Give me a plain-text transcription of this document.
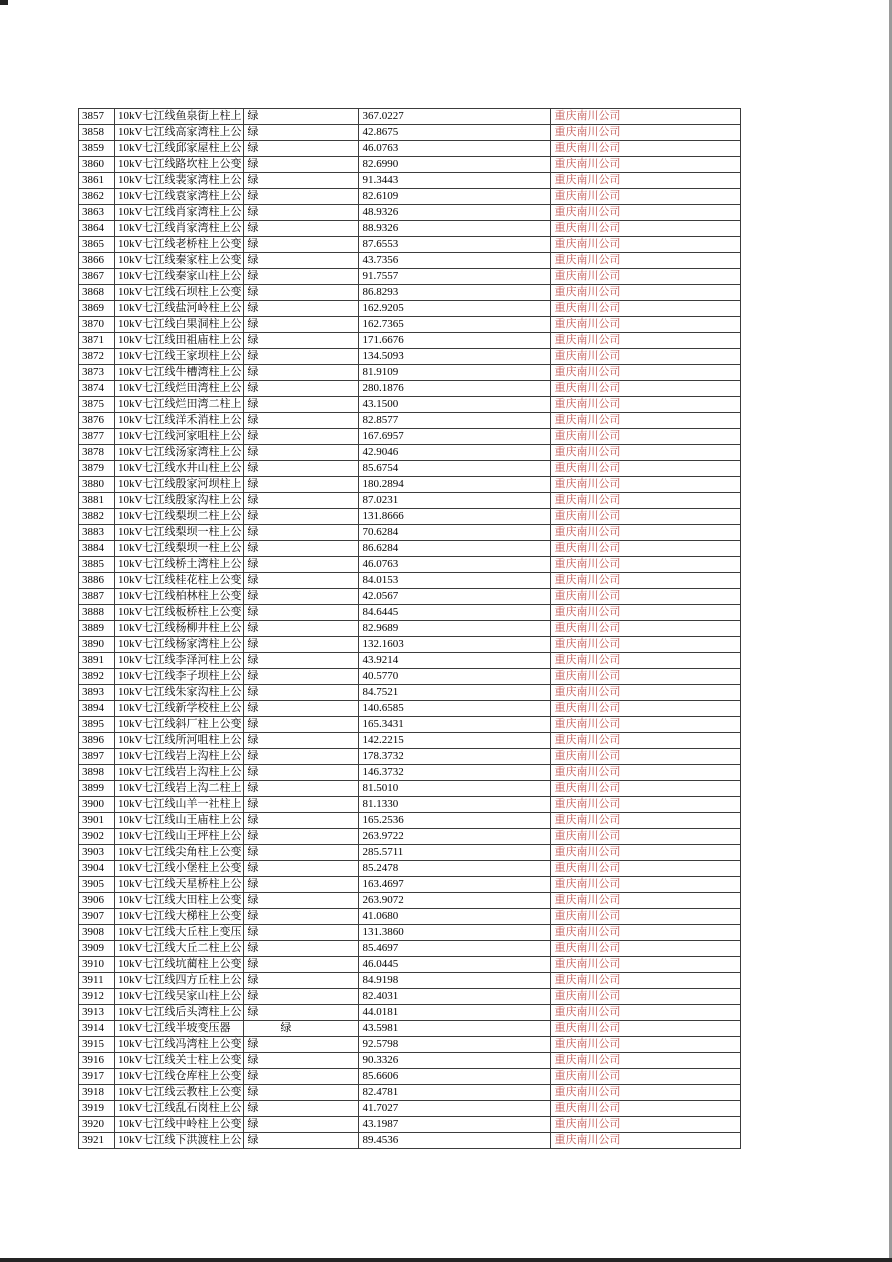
3857	10kV七江线鱼泉街上柱上	绿	367.0227	重庆南川公司
3858	10kV七江线高家湾柱上公	绿	42.8675	重庆南川公司
3859	10kV七江线邱家屋柱上公	绿	46.0763	重庆南川公司
3860	10kV七江线路坎柱上公变	绿	82.6990	重庆南川公司
3861	10kV七江线裴家湾柱上公	绿	91.3443	重庆南川公司
3862	10kV七江线袁家湾柱上公	绿	82.6109	重庆南川公司
3863	10kV七江线肖家湾柱上公	绿	48.9326	重庆南川公司
3864	10kV七江线肖家湾柱上公	绿	88.9326	重庆南川公司
3865	10kV七江线老桥柱上公变	绿	87.6553	重庆南川公司
3866	10kV七江线秦家柱上公变	绿	43.7356	重庆南川公司
3867	10kV七江线秦家山柱上公	绿	91.7557	重庆南川公司
3868	10kV七江线石坝柱上公变	绿	86.8293	重庆南川公司
3869	10kV七江线盐河岭柱上公	绿	162.9205	重庆南川公司
3870	10kV七江线白果洞柱上公	绿	162.7365	重庆南川公司
3871	10kV七江线田祖庙柱上公	绿	171.6676	重庆南川公司
3872	10kV七江线王家坝柱上公	绿	134.5093	重庆南川公司
3873	10kV七江线牛槽湾柱上公	绿	81.9109	重庆南川公司
3874	10kV七江线烂田湾柱上公	绿	280.1876	重庆南川公司
3875	10kV七江线烂田湾二柱上	绿	43.1500	重庆南川公司
3876	10kV七江线洋禾消柱上公	绿	82.8577	重庆南川公司
3877	10kV七江线河家咀柱上公	绿	167.6957	重庆南川公司
3878	10kV七江线汤家湾柱上公	绿	42.9046	重庆南川公司
3879	10kV七江线水井山柱上公	绿	85.6754	重庆南川公司
3880	10kV七江线殷家河坝柱上	绿	180.2894	重庆南川公司
3881	10kV七江线殷家沟柱上公	绿	87.0231	重庆南川公司
3882	10kV七江线梨坝二柱上公	绿	131.8666	重庆南川公司
3883	10kV七江线梨坝一柱上公	绿	70.6284	重庆南川公司
3884	10kV七江线梨坝一柱上公	绿	86.6284	重庆南川公司
3885	10kV七江线桥土湾柱上公	绿	46.0763	重庆南川公司
3886	10kV七江线桂花柱上公变	绿	84.0153	重庆南川公司
3887	10kV七江线柏林柱上公变	绿	42.0567	重庆南川公司
3888	10kV七江线板桥柱上公变	绿	84.6445	重庆南川公司
3889	10kV七江线杨柳井柱上公	绿	82.9689	重庆南川公司
3890	10kV七江线杨家湾柱上公	绿	132.1603	重庆南川公司
3891	10kV七江线李泽河柱上公	绿	43.9214	重庆南川公司
3892	10kV七江线李子坝柱上公	绿	40.5770	重庆南川公司
3893	10kV七江线朱家沟柱上公	绿	84.7521	重庆南川公司
3894	10kV七江线新学校柱上公	绿	140.6585	重庆南川公司
3895	10kV七江线斜厂柱上公变	绿	165.3431	重庆南川公司
3896	10kV七江线所河咀柱上公	绿	142.2215	重庆南川公司
3897	10kV七江线岩上沟柱上公	绿	178.3732	重庆南川公司
3898	10kV七江线岩上沟柱上公	绿	146.3732	重庆南川公司
3899	10kV七江线岩上沟二柱上	绿	81.5010	重庆南川公司
3900	10kV七江线山羊一社柱上	绿	81.1330	重庆南川公司
3901	10kV七江线山王庙柱上公	绿	165.2536	重庆南川公司
3902	10kV七江线山王坪柱上公	绿	263.9722	重庆南川公司
3903	10kV七江线尖角柱上公变	绿	285.5711	重庆南川公司
3904	10kV七江线小堡柱上公变	绿	85.2478	重庆南川公司
3905	10kV七江线天星桥柱上公	绿	163.4697	重庆南川公司
3906	10kV七江线大田柱上公变	绿	263.9072	重庆南川公司
3907	10kV七江线大梯柱上公变	绿	41.0680	重庆南川公司
3908	10kV七江线大丘柱上变压	绿	131.3860	重庆南川公司
3909	10kV七江线大丘二柱上公	绿	85.4697	重庆南川公司
3910	10kV七江线坑蔺柱上公变	绿	46.0445	重庆南川公司
3911	10kV七江线四方丘柱上公	绿	84.9198	重庆南川公司
3912	10kV七江线吴家山柱上公	绿	82.4031	重庆南川公司
3913	10kV七江线后头湾柱上公	绿	44.0181	重庆南川公司
3914	10kV七江线半坡变压器	　　　绿	43.5981	重庆南川公司
3915	10kV七江线冯湾柱上公变	绿	92.5798	重庆南川公司
3916	10kV七江线关士柱上公变	绿	90.3326	重庆南川公司
3917	10kV七江线仓库柱上公变	绿	85.6606	重庆南川公司
3918	10kV七江线云教柱上公变	绿	82.4781	重庆南川公司
3919	10kV七江线乱石岗柱上公	绿	41.7027	重庆南川公司
3920	10kV七江线中岭柱上公变	绿	43.1987	重庆南川公司
3921	10kV七江线下洪渡柱上公	绿	89.4536	重庆南川公司
